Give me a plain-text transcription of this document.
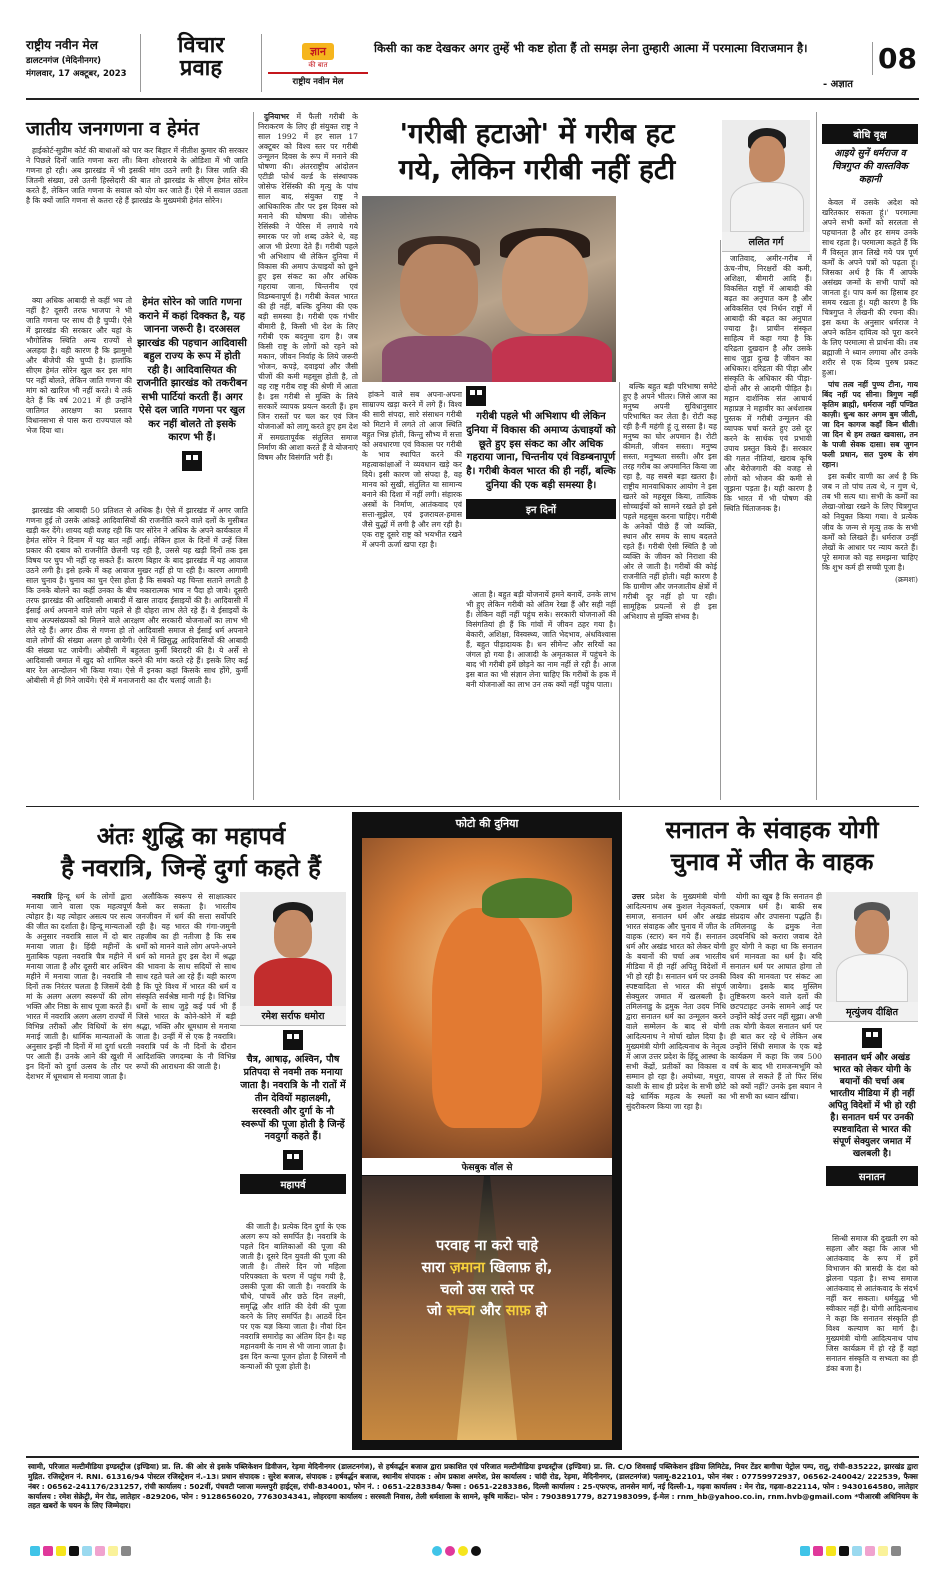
राष्ट्रीय नवीन मेल
डालटनगंज (मेदिनीनगर)
मंगलवार, 17 अक्टूबर, 2023
विचार
प्रवाह
ज्ञान
की बात
राष्ट्रीय नवीन मेल
किसी का कष्ट देखकर अगर तुम्हें भी कष्ट होता हैं तो समझ लेना तुम्हारी आत्मा में परमात्मा विराजमान है।
- अज्ञात
08
जातीय जनगणना व हेमंत

हाईकोर्ट-सुप्रीम कोर्ट की बाधाओं को पार कर बिहार में नीतीश कुमार की सरकार ने पिछले दिनों जाति गणना करा ली। बिना शोरशराबे के ओडिशा में भी जाति गणना हो रही। अब झारखंड में भी इसकी मांग उठने लगी है। जिस जाति की जितनी संख्या, उसे उतनी हिस्सेदारी की बात तो झारखंड के सीएम हेमंत सोरेन करते हैं, लेकिन जाति गणना के सवाल को योग कर जाते हैं। ऐसे में सवाल उठता है कि क्यों जाति गणना से कतरा रहे हैं झारखंड के मुख्यमंत्री हेमंत सोरेन।

क्या अधिक आबादी से कहीं भय तो नहीं है? दूसरी तरफ भाजपा ने भी जाति गणना पर साथ दी है चुप्पी। ऐसे में झारखंड की सरकार और यहां के भौगोलिक स्थिति अन्य राज्यों से अलहदा है। वही कारण है कि झामुमो और बीजेपी की चुप्पी है। हालांकि सीएम हेमंत सोरेन खुल कर इस मांग पर नहीं बोलते, लेकिन जाति गणना की मांग को खारिज भी नहीं करते। ये तर्क देते हैं कि वर्ष 2021 में ही उन्होंने जातिगत आरक्षण का प्रस्ताव विधानसभा से पास करा राज्यपाल को भेज दिया था।

हेमंत सोरेन को जाति गणना कराने में कहां दिक्कत है, यह जानना जरूरी है। दरअसल झारखंड की पहचान आदिवासी बहुल राज्य के रूप में होती रही है। आदिवासियत की राजनीति झारखंड को तकरीबन सभी पार्टियां करती हैं। अगर ऐसे दल जाति गणना पर खुल कर नहीं बोलते तो इसके कारण भी हैं।

झारखंड की आबादी 50 प्रतिशत से अधिक है। ऐसे में झारखंड में अगर जाति गणना हुई तो उसके आंकड़े आदिवासियों की राजनीति करने वाले दलों के मुसीबत खड़ी कर देंगे। शायद यही वजह रही कि पार सोरेन ने अधिक के अपने कार्यकाल में हेमंत सोरेन ने दिनाम में यह बात नहीं आई। लेकिन हाल के दिनों में उन्हें जिस प्रकार की दबाव को राजनीति छेलनी पड़ रही है, उससे यह खड़ी दिनों तक इस विषय पर चुप भी नहीं रह सकते हैं। कारण बिहार के बाद झारखंड में यह आवाज उठने लगी है। इसे हल्के में कह आवाज मुखर नहीं हो पा रही है। कारण आगामी साल चुनाव है। चुनाव का चुन ऐसा होता है कि सबको यह चिन्ता सताने लगती है कि उनके बोलने का कहीं उनका के बीच नकारात्मक भाव न पैदा हो जाये। दूसरी तरफ झारखंड की आदिवासी आबादी में खास तादाद ईसाइयों की है। आदिवासी में ईसाई अर्थ अपनाने वाले लोग पहले से ही दोहरा लाभ लेते रहे हैं। वे ईसाइयों के साथ अल्पसंख्यकों को मिलने वाले आरक्षण और सरकारी योजनाओं का लाभ भी लेते रहे हैं। अगर ठीक से गणना हो तो आदिवासी समाज से ईसाई धर्म अपनाने वाले लोगों की संख्या अलग हो जायेगी। ऐसे में खिसुद्ध आदिवासियों की आबादी की संख्या घट जायेगी। ओबीसी में बहुलता कुर्मी बिरादरी की है। ये अर्से से आदिवासी जमात में खुद को शामिल करने की मांग करते रहे हैं। इसके लिए कई बार रेल आन्दोलन भी किया गया। ऐसे में इनका कहां किसके साथ होंगे, कुर्मी ओबीसी में ही गिने जायेंगे। ऐसे में मनाजनारी का दौर चलाई जाती है।

दुनियाभर में फैली गरीबी के निराकरण के लिए ही संयुक्त राष्ट्र ने साल 1992 में हर साल 17 अक्टूबर को विश्व स्तर पर गरीबी उन्मूलन दिवस के रूप में मनाने की घोषणा की। अंतरराष्ट्रीय आंदोलन एटीडी फोर्थ वर्ल्ड के संस्थापक जोसेफ रेसिंस्की की मृत्यु के पांच साल बाद, संयुक्त राष्ट्र ने आधिकारिक तौर पर इस दिवस को मनाने की घोषणा की। जोसेफ रेसिंस्की ने पेरिस में लगाये गये स्मारक पर जो शब्द उकेरे थे, वह आज भी प्रेरणा देते हैं। गरीबी पहले भी अभिशाप थी लेकिन दुनिया में विकास की अमाप ऊंचाइयों को छूने हुए इस संकट का और अधिक गहराया जाना, चिन्तनीय एवं विडम्बनापूर्ण है। गरीबी केवल भारत की ही नहीं, बल्कि दुनिया की एक बड़ी समस्या है। गरीबी एक गंभीर बीमारी है, किसी भी देश के लिए गरीबी एक बदनुमा दाग है। जब किसी राष्ट्र के लोगों को रहने को मकान, जीवन निर्वाह के लिये जरूरी भोजन, कपड़े, दवाइयां और जैसी चीजों की कमी महसूस होती है, तो वह राष्ट्र गरीब राष्ट्र की श्रेणी में आता है। इस गरीबी से मुक्ति के लिये सरकारें व्यापक प्रयत्न करती हैं। हम जिन रास्तों पर चल कर एवं जिन योजनाओं को लागू करते हुए हम देश में समग्रतापूर्वक संतुलित समाज निर्माण की आशा करते हैं वे योजनाएं विषम और विसंगति भरी हैं।

हांकने वाले सब अपना-अपना साम्राज्य खड़ा करने में लगे हैं। विश्व की सारी संपदा, सारे संसाधन गरीबी को मिटाने में लगते तो आज स्थिति बहुत भिन्न होती, किन्तु सौभ्य में सत्ता को अवधारणा एवं विकास पर गरीबी के भाव स्थापित करने की महत्वाकांक्षाओं ने व्यवधान खड़े कर दिये। इसी कारण जो संपदा है, वह मानव को सुखी, संतुलित या सामान्य बनाने की दिशा में नहीं लगी। संहारक अस्त्रों के निर्माण, आतंकवाद एवं सत्ता-सुझेल, एवं इजरायल-हमास जैसे युद्धों में लगी है और लग रही है। एक राष्ट्र दूसरे राष्ट्र को भयभीत रखने में अपनी ऊर्जा खपा रहा है।

'गरीबी हटाओ' में गरीब हट
गये, लेकिन गरीबी नहीं हटी
ललित गर्ग
गरीबी पहले भी अभिशाप थी लेकिन दुनिया में विकास की अमाप्य ऊंचाइयों को छूते हुए इस संकट का और अधिक गहराया जाना, चिन्तनीय एवं विडम्बनापूर्ण है। गरीबी केवल भारत की ही नहीं, बल्कि दुनिया की एक बड़ी समस्या है।
इन दिनों

आता है। बहुत बड़ी योजनायें हमने बनायें, उनके लाभ भी हुए लेकिन गरीबी को अंतिम रेखा हैं और सही नहीं हैं। लेकिन वहीं नहीं पहुंच सके। सरकारी योजनाओं की विसंगतियां ही हैं कि गांवों में जीवन ठहर गया है। बेकारी, अशिक्षा, विस्वस्थ्य, जाति भेदभाव, अंधविश्वास हैं, बहुत पीड़ादायक है। धन सीमेन्ट और सरियों का जंगल हो गया है। आजादी के अमृतकाल में पहुंचने के बाद भी गरीबी हमें छोड़ने का नाम नहीं ले रही है। आज इस बात का भी संज्ञान लेना चाहिए कि गरीबों के हक में बनी योजनाओं का लाभ उन तक क्यों नहीं पहुंच पाता।

बल्कि बहुत बड़ी परिभाषा समेटे हुए है अपने भीतर। जिसे आज का मनुष्य अपनी सुविधानुसार परिभाषित कर लेता है। रोटी कह रही है-मैं महंगी हूं तू सस्ता है। यह मनुष्य का घोर अपमान है। रोटी कीमती, जीवन सस्ता। मनुष्य सस्ता, मनुष्यता सस्ती। और इस तरह गरीब का अपमानित किया जा रहा है, वह सबसे बड़ा खतरा है। राष्ट्रीय मानवाधिकार आयोग ने इस खतरे को महसूस किया, तात्विक सोच्चाईयों को सामने रखते हो इसे पहले महसूस करना चाहिए। गरीबी के अनेकों पीछे हैं जो व्यक्ति, स्थान और समय के साथ बदलते रहते हैं। गरीबी ऐसी स्थिति है जो व्यक्ति के जीवन को निराशा की ओर ले जाती है। गरीबों की कोई राजनीति नहीं होती। यही कारण है कि ग्रामीण और जनजातीय क्षेत्रों में गरीबी दूर नहीं हो पा रही। सामूहिक प्रयत्नों से ही इस अभिशाप से मुक्ति संभव है।

जातिवाद, अमीर-गरीब में ऊंच-नीच, निरक्षरों की कमी, अशिक्षा, बीमारी आदि हैं। विकसित राष्ट्रों में आबादी की बढ़त का अनुपात कम है और अविकसित एवं निर्धन राष्ट्रों में आबादी की बढ़त का अनुपात ज्यादा है। प्राचीन संस्कृत साहित्य में कहा गया है कि दरिद्रता दुखदान है और उसके साथ जुड़ा दुःख है जीवन का अधिकार। दरिद्रता की पीड़ा और संस्कृति के अधिकार की पीड़ा-दोनों और से आदमी पीड़ित है। महान दार्शनिक संत आचार्य महाप्रज्ञ ने महावीर का अर्थशास्त्र पुस्तक में गरीबी उन्मूलन की व्यापक चर्चा करते हुए उसे दूर करने के सार्थक एवं प्रभावी उपाय प्रस्तुत किये हैं। सरकार की गलत नीतियां, खराब कृषि और बेरोजगारी की वजह से लोगों को भोजन की कमी से जूझना पड़ता है। यही कारण है कि भारत में भी पोषण की स्थिति चिंताजनक है।

बोधि वृक्ष
आइये सुनें धर्मराज व चित्रगुप्त की वास्तविक कहानी

केवल में उसके अदेश को खरितकार सकता हूं।' परमात्मा अपने सभी कर्मों को सरलता से पहचानता है और हर समय उनके साथ रहता है। परमात्मा कहते हैं कि मैं विस्तृत ज्ञान लिखे गये पत्र पूर्ण कर्मों के अपने पत्रों को पढ़ता हूं। जिसका अर्थ है कि मैं आपके असंख्य जन्मों के सभी पापों को जानता हूं। पाप कर्म का हिसाब हर समय रखता हूं। यही कारण है कि चित्रगुप्त ने लेखनी की रचना की। इस कथा के अनुसार धर्मराज ने अपने कठिन दायित्व को पूरा करने के लिए परमात्मा से प्रार्थना की। तब ब्रह्माजी ने ध्यान लगाया और उनके शरीर से एक दिव्य पुरुष प्रकट हुआ।

पांच तत्व नहीं पुण्य टीना, गाय बिंद नहीं पद सीना। त्रिगुण नहीं कृतिम ब्राह्मी, धर्मराज नहीं पण्डित काज़ी। धुन्ध कार अगम बुम जीती, जा दिन कागज कहाँ किन धीती। जा दिन थे हम तखत खवासा, तन के पाजी सेवक दासा। सब जुगन फली प्रधान, सत पुरुष के संग रहान।

इस कबीर वाणी का अर्थ है कि जब न तो पांच तत्व थे, न गुण थे, तब भी सत्य था। सभी के कर्मों का लेखा-जोखा रखने के लिए चित्रगुप्त को नियुक्त किया गया। वे प्रत्येक जीव के जन्म से मृत्यु तक के सभी कर्मों को लिखते हैं। धर्मराज उन्हीं लेखों के आधार पर न्याय करते हैं। पूरे समाज को यह समझना चाहिए कि शुभ कर्म ही सच्ची पूजा है।

(क्रमशः)

अंतः शुद्धि का महापर्व
है नवरात्रि, जिन्हें दुर्गा कहते हैं

नवरात्रि हिन्दू धर्म के लोगों द्वारा मनाया जाने वाला एक महत्वपूर्ण त्योहार है। यह त्योहार असत्य पर सत्य की जीत का दर्शाता है। हिन्दू मान्यताओं के अनुसार नवरात्रि साल में दो बार मनाया जाता है। हिंदी महीनों के मुताबिक पहला नवरात्रि चैत्र महीने में मनाया जाता है और दूसरी बार अश्विन महीने में मनाया जाता है। नवरात्रि नौ दिनों तक निरंतर चलता है जिसमें देवी मां के अलग अलग स्वरूपों की लोग भक्ति और निष्ठा के साथ पूजा करते हैं। भारत में नवरात्रि अलग अलग राज्यों में विभिन्न तरीकों और विधियों के संग मनाई जाती है। धार्मिक मान्यताओं के अनुसार इन्हीं नौ दिनों में मां दुर्गा धरती पर आती हैं। उनके आने की खुशी में इन दिनों को दुर्गा उत्सव के तौर पर देशभर में धूमधाम से मनाया जाता है।

रमेश सर्राफ धमोरा

अलौकिक स्वरूप से साक्षात्कार कैसे कर सकता है। भारतीय जनजीवन में धर्म की सत्ता सर्वोपरि रही है। यह भारत की गंगा-जमुनी तहजीब का ही नतीजा है कि सब धर्मों को मानने वाले लोग अपने-अपने धर्म को मानते हुए इस देश में श्रद्धा की भावना के साथ सदियों से साथ साथ रहते चले आ रहे हैं। यही कारण है कि पूरे विश्व में भारत की धर्म व संस्कृति सर्वश्रेष्ठ मानी गई है। विभिन्न धर्मों के साथ जुड़े कई पर्व भी हैं जिसे भारत के कोने-कोने में बड़ी श्रद्धा, भक्ति और धूमधाम से मनाया जाता है। उन्हीं में से एक है नवरात्रि। नवरात्रि पर्व के नौ दिनों के दौरान आदिशक्ति जगदम्बा के नौ विभिन्न रूपों की आराधना की जाती है।

चैत्र, आषाढ़, अश्विन, पौष प्रतिपदा से नवमी तक मनाया जाता है। नवरात्रि के नौ रातों में तीन देवियों महालक्ष्मी, सरस्वती और दुर्गा के नौ स्वरूपों की पूजा होती है जिन्हें नवदुर्गा कहते हैं।
महापर्व

की जाती है। प्रत्येक दिन दुर्गा के एक अलग रूप को समर्पित है। नवरात्रि के पहले दिन बालिकाओं की पूजा की जाती है। दूसरे दिन युवती की पूजा की जाती है। तीसरे दिन जो महिला परिपक्वता के चरण में पहुंच गयी है, उसकी पूजा की जाती है। नवरात्रि के चौथे, पांचवें और छठे दिन लक्ष्मी, समृद्धि और शांति की देवी की पूजा करने के लिए समर्पित है। आठवें दिन पर एक यज्ञ किया जाता है। नौवां दिन नवरात्रि समारोह का अंतिम दिन है। यह महानवमी के नाम से भी जाना जाता है। इस दिन कन्या पूजन होता है जिसमें नौ कन्याओं की पूजा होती है।

फोटो की दुनिया
फेसबुक वॉल से
परवाह ना करो चाहे
सारा ज़माना खिलाफ़ हो,
चलो उस रास्ते पर
जो सच्चा और साफ़ हो
सनातन के संवाहक योगी
चुनाव में जीत के वाहक

उत्तर प्रदेश के मुख्यमंत्री योगी आदित्यनाथ अब कुशल नेतृत्वकर्ता, समाज, सनातन धर्म और अखंड भारत संवाहक और चुनाव में जीत के वाहक (स्टार) बन गये हैं। सनातन धर्म और अखंड भारत को लेकर योगी के बयानों की चर्चा अब भारतीय मीडिया में ही नहीं अपितु विदेशों में भी हो रही है। सनातन धर्म पर उनकी स्पष्टवादिता से भारत की संपूर्ण सेक्युलर जमात में खलबली है। तमिलनाडु के द्रमुक नेता उदय निधि द्वारा सनातन धर्म का उन्मूलन करने वाले सम्मेलन के बाद से योगी आदित्यनाथ ने मोर्चा खोल दिया है। मुख्यमंत्री योगी आदित्यनाथ के नेतृत्व में आज उत्तर प्रदेश के हिंदू आस्था के सभी केंद्रों, प्रतीकों का विकास व सम्मान हो रहा है। अयोध्या, मथुरा, काशी के साथ ही प्रदेश के सभी छोटे बड़े धार्मिक महत्व के स्थलों का सुंदरीकरण किया जा रहा है।

योगी का खूब है कि सनातन ही एकमात्र धर्म है। बाकी सब संप्रदाय और उपासना पद्धति हैं। तमिलनाडु के द्रमुक नेता उदयनिधि को करारा जवाब देते हुए योगी ने कहा था कि सनातन धर्म मानवता का धर्म है। यदि सनातन धर्म पर आघात होगा तो विश्व की मानवता पर संकट आ जायेगा। इसके बाद मुस्लिम तुष्टिकरण करने वाले दलों की छटपटाहट उनके सामने आई पर उन्होंने कोई उत्तर नहीं सूझा। अभी तक योगी केवल सनातन धर्म पर ही बात कर रहे थे लेकिन अब उन्होंने सिंधी समाज के एक बड़े कार्यक्रम में कहा कि जब 500 वर्ष के बाद भी रामजन्मभूमि को वापस ले सकते हैं तो फिर सिंध को क्यों नहीं? उनके इस बयान ने भी सभी का ध्यान खींचा।

मृत्युंजय दीक्षित
सनातन धर्म और अखंड भारत को लेकर योगी के बयानों की चर्चा अब भारतीय मीडिया में ही नहीं अपितु विदेशों में भी हो रही है। सनातन धर्म पर उनकी स्पष्टवादिता से भारत की संपूर्ण सेक्युलर जमात में खलबली है।
सनातन

सिन्धी समाज की दुखती रग को सहला और कहा कि आज भी आतंकवाद के रूप में हमें विभाजन की त्रासदी के दंश को झेलना पड़ता है। सभ्य समाज आतंकवाद से आतंकवाद के संदर्भ नहीं कर सकता। धर्मयुद्ध भी स्वीकार नहीं है। योगी आदित्यनाथ ने कहा कि सनातन संस्कृति ही विश्व कल्याण का मार्ग है। मुख्यमंत्री योगी आदित्यनाथ पांच जिस कार्यक्रम में हो रहे हैं वहां सनातन संस्कृति व सभ्यता का ही डंका बजा है।

स्वामी, परिजात मल्टीमीडिया इण्डस्ट्रीज (इण्डिया) प्रा. लि. की ओर से इसके पब्लिकेशन डिवीजन, रेड़मा मेदिनीनगर (डालटनगंज), से हर्षवर्द्धन बजाज द्वारा प्रकाशित एवं परिजात मल्टीमीडिया इण्डस्ट्रीज (इण्डिया) प्रा. लि. C/O शिवसाईं पब्लिकेशन इंडिया लिमिटेड, नियर टेंडर बागीचा पेट्रोल पम्प, रातू, रांची-835222, झारखंड द्वारा मुद्रित. रजिस्ट्रेशन नं. RNI. 61316/94 पोस्टल रजिस्ट्रेशन नं.-13। प्रधान संपादक : सुरेश बजाज, संपादक : हर्षवर्द्धन बजाज, स्थानीय संपादक : ओम प्रकाश अमरेश, प्रेस कार्यालय : चांदी रोड, रेड़मा, मेदिनीनगर, (डालटनगंज) पलामू-822101, फोन नंबर : 07759972937, 06562-240042/ 222539, फैक्स नंबर : 06562-241176/231257, रांची कार्यालय : 502वीं, पंचवटी प्लाजा मल्लपुरी हाईट्स, रांची-834001, फोन नं. : 0651-2283384/ फैक्स : 0651-2283386, दिल्ली कार्यालय : 25-एफएफ, तानसेन मार्ग, नई दिल्ली-1, गढ़वा कार्यालय : मेन रोड, गढ़वा-822114, फोन : 9430164580, लातेहार कार्यालय : रमेश सेक्रेट्री, मेन रोड, लातेहार -829206, फोन : 9128656020, 7763034341, लोहरदगा कार्यालय : सरस्वती निवास, तेली धर्मशाला के सामने, कृषि मार्केट।- फोन : 7903891779, 8271983099, ई-मेल : rnm_hb@yahoo.co.in, rnm.hvb@gmail.com *पीआरबी अधिनियम के तहत खबरों के चयन के लिए जिम्मेदार।
